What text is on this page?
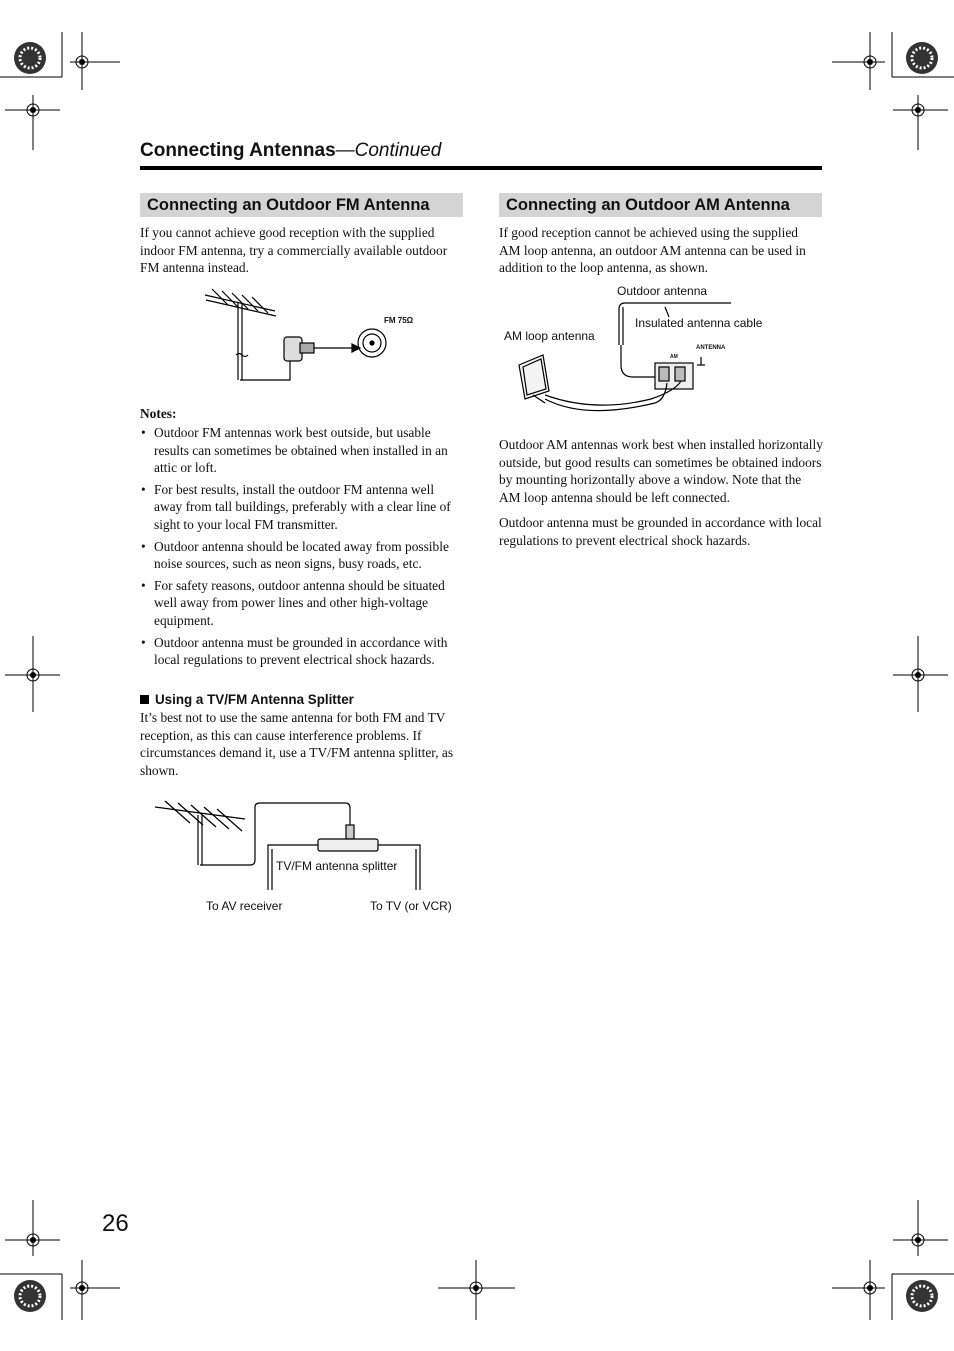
Connecting Antennas—Continued
Connecting an Outdoor FM Antenna

If you cannot achieve good reception with the supplied indoor FM antenna, try a commercially available outdoor FM antenna instead.

FM 75Ω
Notes:
• Outdoor FM antennas work best outside, but usable results can sometimes be obtained when installed in an attic or loft.
• For best results, install the outdoor FM antenna well away from tall buildings, preferably with a clear line of sight to your local FM transmitter.
• Outdoor antenna should be located away from possible noise sources, such as neon signs, busy roads, etc.
• For safety reasons, outdoor antenna should be situated well away from power lines and other high-voltage equipment.
• Outdoor antenna must be grounded in accordance with local regulations to prevent electrical shock hazards.
Using a TV/FM Antenna Splitter

It’s best not to use the same antenna for both FM and TV reception, as this can cause interference problems. If circumstances demand it, use a TV/FM antenna splitter, as shown.

TV/FM antenna splitter
To AV receiver	To TV (or VCR)
Connecting an Outdoor AM Antenna

If good reception cannot be achieved using the supplied AM loop antenna, an outdoor AM antenna can be used in addition to the loop antenna, as shown.

Outdoor antenna
Insulated antenna cable
AM loop antenna
ANTENNA
AM

Outdoor AM antennas work best when installed horizontally outside, but good results can sometimes be obtained indoors by mounting horizontally above a window. Note that the AM loop antenna should be left connected.

Outdoor antenna must be grounded in accordance with local regulations to prevent electrical shock hazards.

26
